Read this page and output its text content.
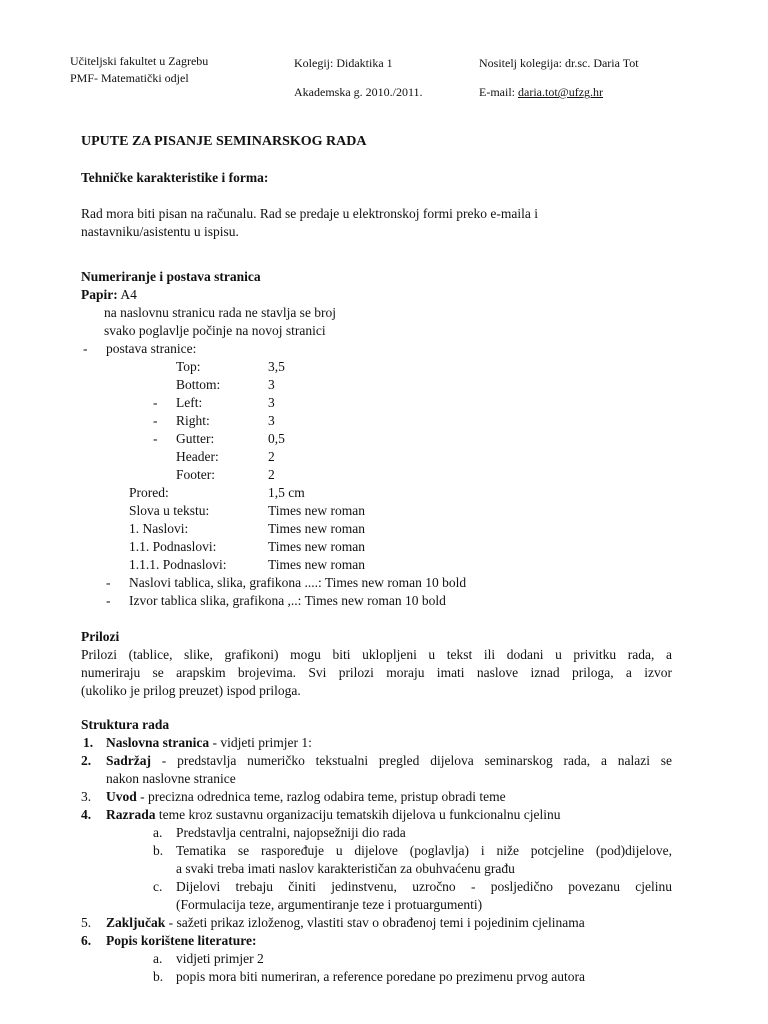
Učiteljski fakultet u Zagrebu
PMF- Matematički odjel
Kolegij: Didaktika 1
Akademska g. 2010./2011.
Nositelj kolegija: dr.sc. Daria Tot
E-mail: daria.tot@ufzg.hr
UPUTE ZA PISANJE SEMINARSKOG RADA
Tehničke karakteristike i forma:
Rad mora biti pisan na računalu. Rad se predaje u elektronskoj formi preko e-maila i
nastavniku/asistentu u ispisu.
Numeriranje i postava stranica
Papir: A4
na naslovnu stranicu rada ne stavlja se broj
svako poglavlje počinje na novoj stranici
- postava stranice:
Top:	3,5
Bottom:	3
- Left:	3
- Right:	3
- Gutter:	0,5
Header:	2
Footer:	2
Prored:	1,5 cm
Slova u tekstu:	Times new roman
1. Naslovi:	Times new roman
1.1. Podnaslovi:	Times new roman
1.1.1. Podnaslovi:	Times new roman
- Naslovi tablica, slika, grafikona ....: Times new roman 10 bold
- Izvor tablica slika, grafikona ,..: Times new roman 10 bold
Prilozi

Prilozi (tablice, slike, grafikoni) mogu biti uklopljeni u tekst ili dodani u privitku rada, a

numeriraju se arapskim brojevima. Svi prilozi moraju imati naslove iznad priloga, a izvor

(ukoliko je prilog preuzet) ispod priloga.

Struktura rada
1. Naslovna stranica - vidjeti primjer 1:
2. Sadržaj - predstavlja numeričko tekstualni pregled dijelova seminarskog rada, a nalazi se

nakon naslovne stranice

3. Uvod - precizna odrednica teme, razlog odabira teme, pristup obradi teme
4. Razrada teme kroz sustavnu organizaciju tematskih dijelova u funkcionalnu cjelinu
a. Predstavlja centralni, najopsežniji dio rada
b. Tematika se raspoređuje u dijelove (poglavlja) i niže potcjeline (pod)dijelove,

a svaki treba imati naslov karakterističan za obuhvaćenu građu

c. Dijelovi trebaju činiti jedinstvenu, uzročno - posljedično povezanu cjelinu

(Formulacija teze, argumentiranje teze i protuargumenti)

5. Zaključak - sažeti prikaz izloženog, vlastiti stav o obrađenoj temi i pojedinim cjelinama
6. Popis korištene literature:
a. vidjeti primjer 2
b. popis mora biti numeriran, a reference poredane po prezimenu prvog autora
